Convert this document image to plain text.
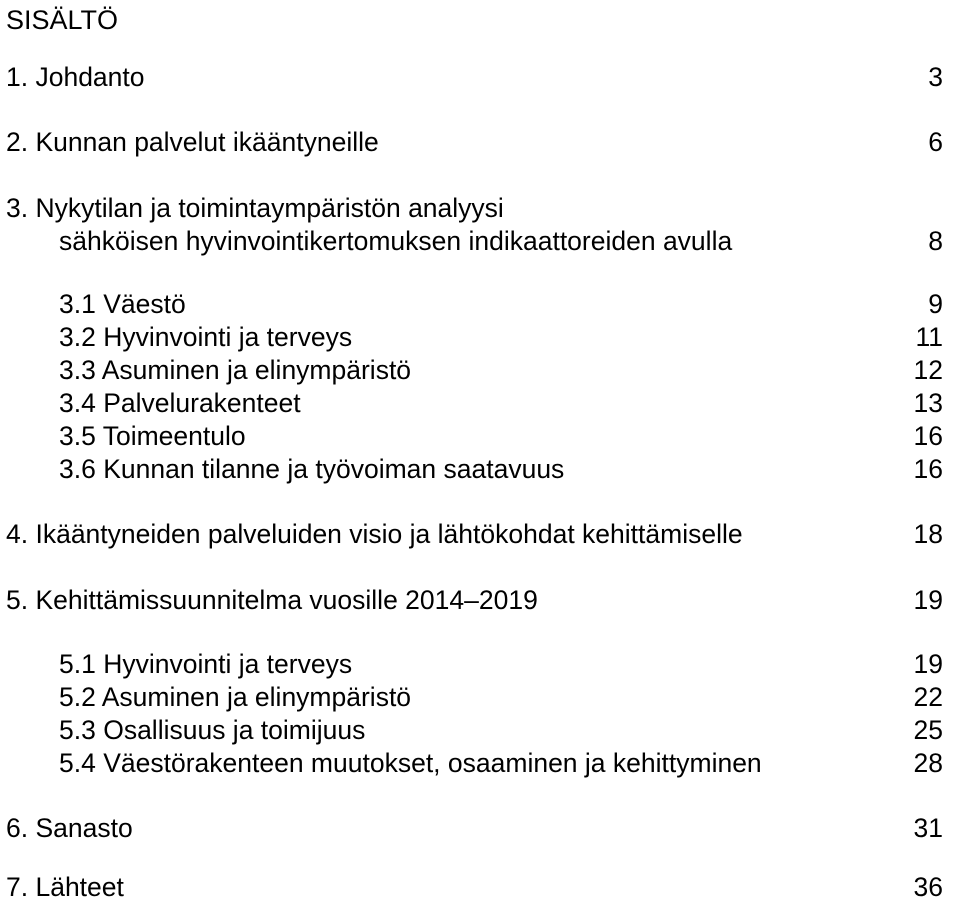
SISÄLTÖ
1. Johdanto	3
2. Kunnan palvelut ikääntyneille	6
3. Nykytilan ja toimintaympäristön analyysi
sähköisen hyvinvointikertomuksen indikaattoreiden avulla	8
3.1 Väestö	9
3.2 Hyvinvointi ja terveys	11
3.3 Asuminen ja elinympäristö	12
3.4 Palvelurakenteet	13
3.5 Toimeentulo	16
3.6 Kunnan tilanne ja työvoiman saatavuus	16
4. Ikääntyneiden palveluiden visio ja lähtökohdat kehittämiselle	18
5. Kehittämissuunnitelma vuosille 2014–2019	19
5.1 Hyvinvointi ja terveys	19
5.2 Asuminen ja elinympäristö	22
5.3 Osallisuus ja toimijuus	25
5.4 Väestörakenteen muutokset, osaaminen ja kehittyminen	28
6. Sanasto	31
7. Lähteet	36
